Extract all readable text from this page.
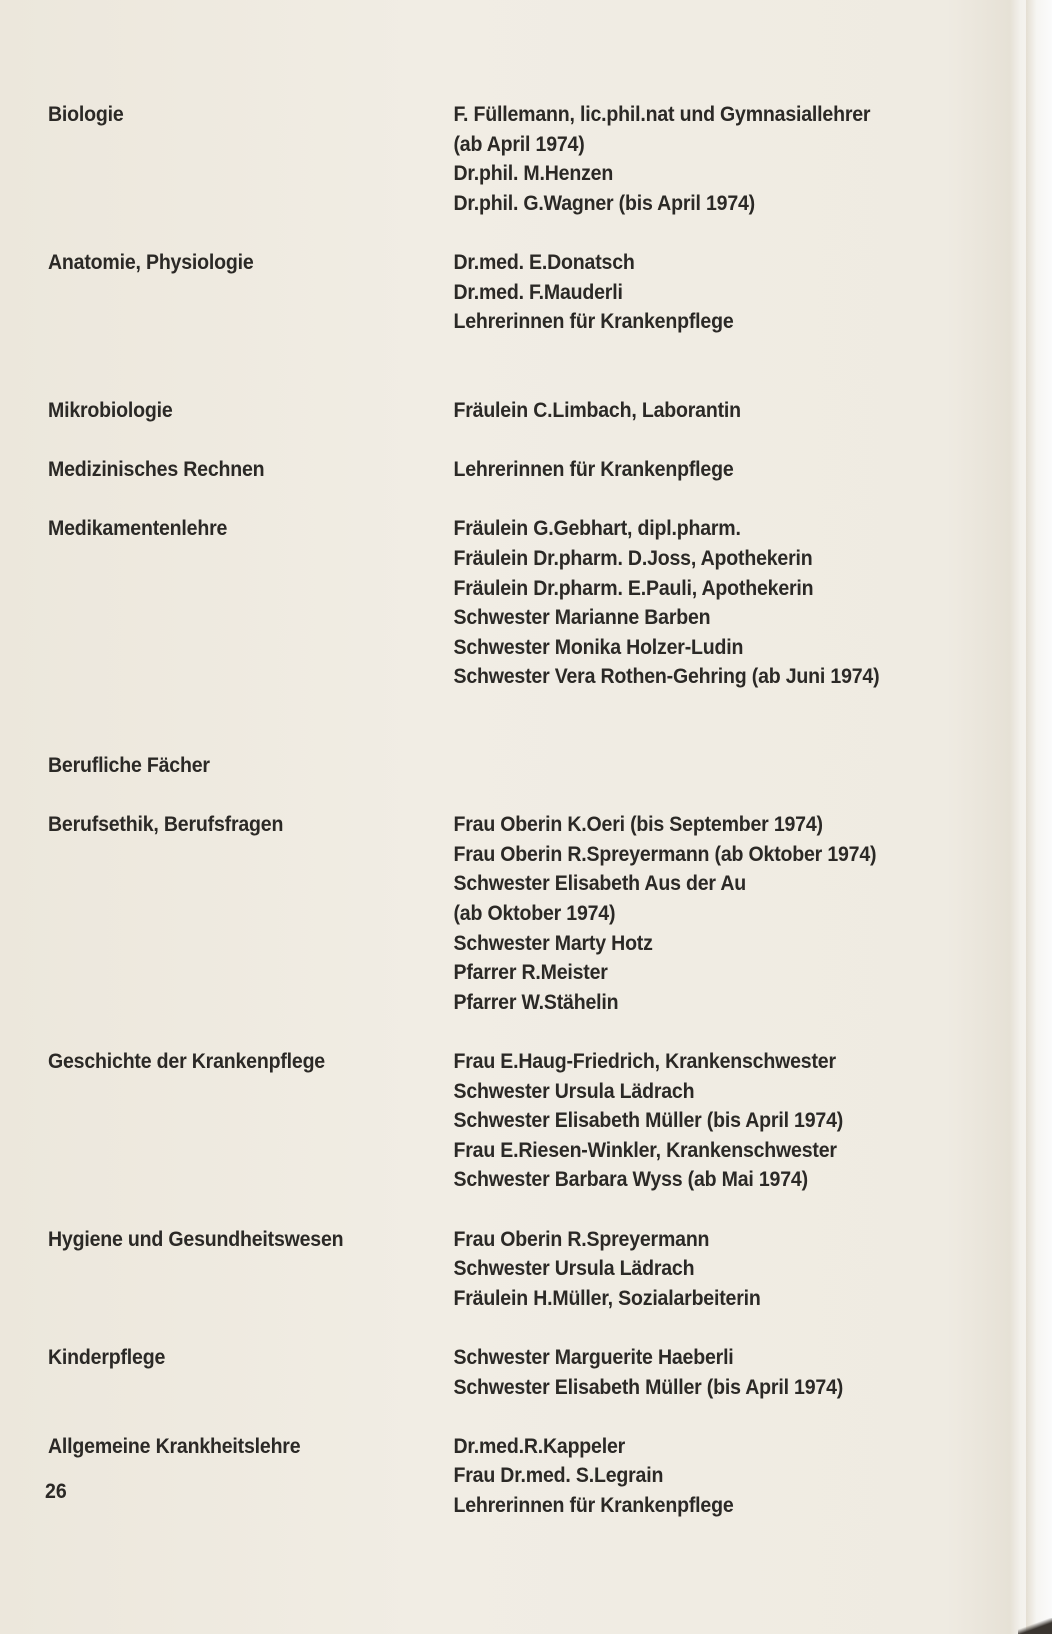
Biologie	F. Füllemann, lic.phil.nat und Gymnasiallehrer
(ab April 1974)
Dr.phil. M.Henzen
Dr.phil. G.Wagner (bis April 1974)
Anatomie, Physiologie	Dr.med. E.Donatsch
Dr.med. F.Mauderli
Lehrerinnen für Krankenpflege
Mikrobiologie	Fräulein C.Limbach, Laborantin
Medizinisches Rechnen	Lehrerinnen für Krankenpflege
Medikamentenlehre	Fräulein G.Gebhart, dipl.pharm.
Fräulein Dr.pharm. D.Joss, Apothekerin
Fräulein Dr.pharm. E.Pauli, Apothekerin
Schwester Marianne Barben
Schwester Monika Holzer-Ludin
Schwester Vera Rothen-Gehring (ab Juni 1974)
Berufliche Fächer
Berufsethik, Berufsfragen	Frau Oberin K.Oeri (bis September 1974)
Frau Oberin R.Spreyermann (ab Oktober 1974)
Schwester Elisabeth Aus der Au
(ab Oktober 1974)
Schwester Marty Hotz
Pfarrer R.Meister
Pfarrer W.Stähelin
Geschichte der Krankenpflege	Frau E.Haug-Friedrich, Krankenschwester
Schwester Ursula Lädrach
Schwester Elisabeth Müller (bis April 1974)
Frau E.Riesen-Winkler, Krankenschwester
Schwester Barbara Wyss (ab Mai 1974)
Hygiene und Gesundheitswesen	Frau Oberin R.Spreyermann
Schwester Ursula Lädrach
Fräulein H.Müller, Sozialarbeiterin
Kinderpflege	Schwester Marguerite Haeberli
Schwester Elisabeth Müller (bis April 1974)
Allgemeine Krankheitslehre	Dr.med.R.Kappeler
Frau Dr.med. S.Legrain
Lehrerinnen für Krankenpflege
26
